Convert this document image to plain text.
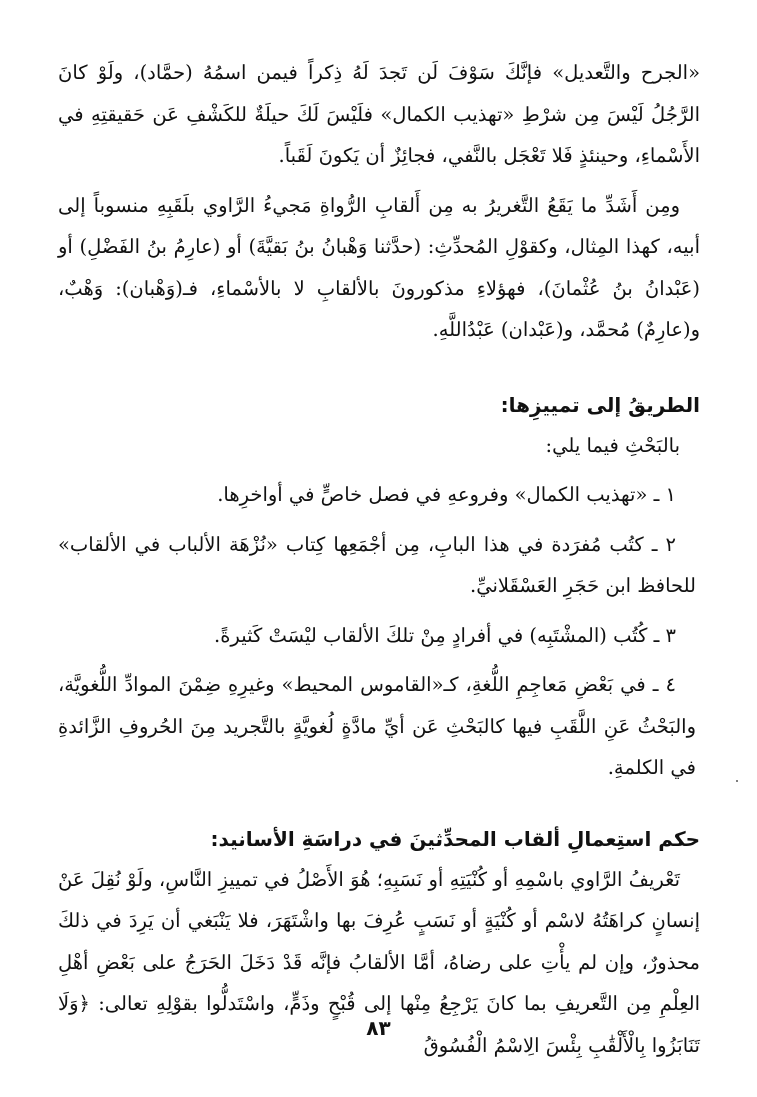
«الجرح والتَّعديل» فإنَّكَ سَوْفَ لَن تَجدَ لَهُ ذِكراً فيمن اسمُهُ (حمَّاد)، ولَوْ كانَ الرَّجُلُ لَيْسَ مِن شرْطِ «تهذيب الكمال» فلَيْسَ لَكَ حيلَةٌ للكَشْفِ عَن حَقيقتِهِ في الأَسْماءِ، وحينئذٍ فَلا تَعْجَل بالنَّفي، فجائِزٌ أن يَكونَ لَقَباً.

ومِن أَشَدِّ ما يَقَعُ التَّغريرُ به مِن أَلقابِ الرُّواةِ مَجيءُ الرَّاوي بلَقَبِهِ منسوباً إلى أبيه، كهذا المِثال، وكقوْلِ المُحدِّثِ: (حدَّثنا وَهْبانُ بنُ بَقيَّةَ) أو (عارِمُ بنُ الفَضْلِ) أو (عَبْدانُ بنُ عُثْمانَ)، فهؤلاءِ مذكورونَ بالألقابِ لا بالأسْماءِ، فـ(وَهْبان): وَهْبٌ، و(عارِمٌ) مُحمَّد، و(عَبْدان) عَبْدُاللَّهِ.

الطريقُ إلى تمييزِها:

بالبَحْثِ فيما يلي:

١ ـ «تهذيب الكمال» وفروعهِ في فصل خاصٍّ في أواخرِها.

٢ ـ كتُب مُفرَدة في هذا البابِ، مِن أجْمَعِها كِتاب «نُزْهَة الألباب في الألقاب» للحافظ ابن حَجَرِ العَسْقَلانيِّ.

٣ ـ كُتُب (المشْتَبِه) في أفرادٍ مِنْ تلكَ الألقاب ليْسَتْ كَثيرةً.

٤ ـ في بَعْضِ مَعاجِمِ اللُّغةِ، كـ«القاموس المحيط» وغيرِهِ ضِمْنَ الموادِّ اللُّغويَّة، والبَحْثُ عَنِ اللَّقَبِ فيها كالبَحْثِ عَن أيِّ مادَّةٍ لُغويَّةٍ بالتَّجريد مِنَ الحُروفِ الزَّائدةِ في الكلمةِ.

حكم استِعمالِ ألقاب المحدِّثينَ في دراسَةِ الأسانيد:

تَعْريفُ الرَّاوي باسْمِهِ أو كُنْيَتِهِ أو نَسَبِهِ؛ هُوَ الأَصْلُ في تمييزِ النَّاسِ، ولَوْ نُقِلَ عَنْ إنسانٍ كراهَتُهُ لاسْم أو كُنْيَةٍ أو نَسَبٍ عُرِفَ بها واشْتَهَرَ، فلا يَنْبَغي أن يَرِدَ في ذلكَ محذورٌ، وإن لم يأْتِ على رضاهُ، أمَّا الألقابُ فإنَّه قَدْ دَخَلَ الحَرَجُ على بَعْضِ أهْلِ العِلْمِ مِن التَّعريفِ بما كانَ يَرْجِعُ مِنْها إلى قُبْحٍ وذَمٍّ، واسْتَدلُّوا بقوْلِهِ تعالى: ﴿وَلَا تَنَابَزُوا بِالْأَلْقَٰبِ بِئْسَ الِاسْمُ الْفُسُوقُ

٨٣
